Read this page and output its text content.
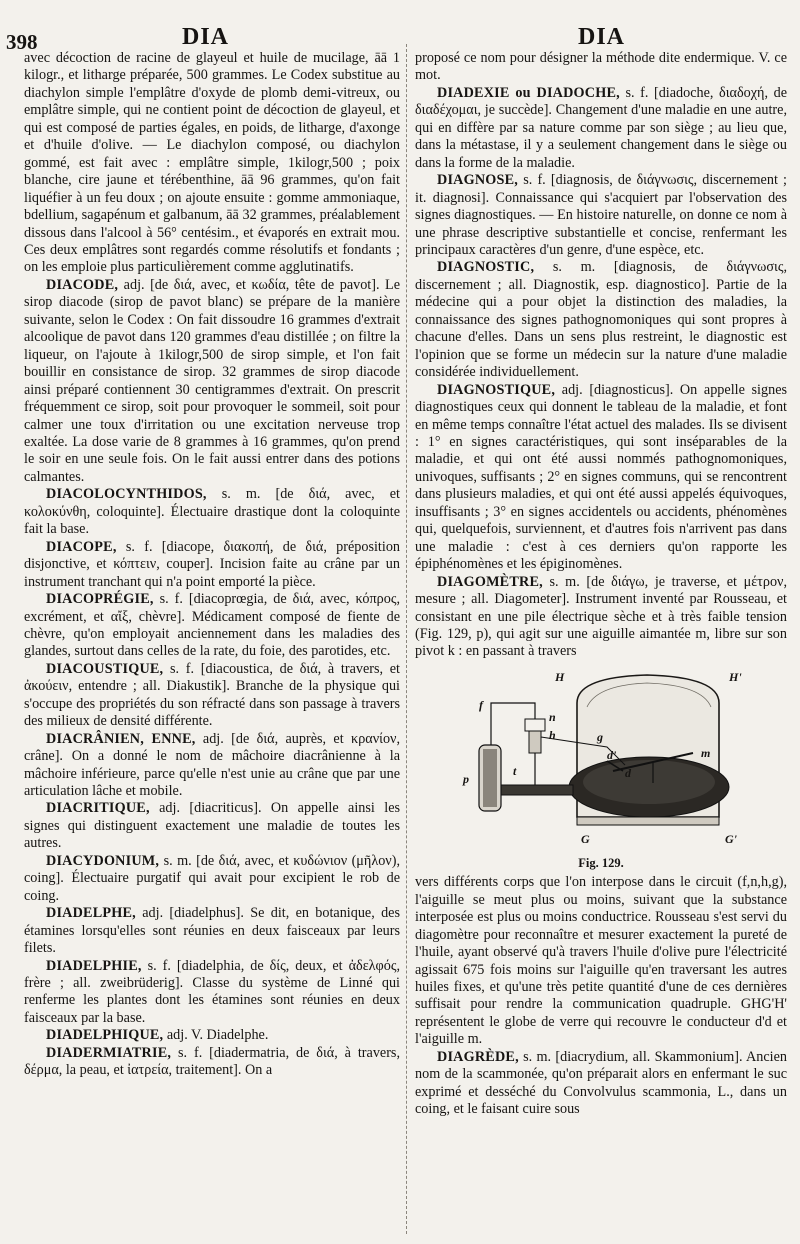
398	DIA	DIA

avec décoction de racine de glayeul et huile de mucilage, āā 1 kilogr., et litharge préparée, 500 grammes. Le Codex substitue au diachylon simple l'emplâtre d'oxyde de plomb demi-vitreux, ou emplâtre simple, qui ne contient point de décoction de glayeul, et qui est composé de parties égales, en poids, de litharge, d'axonge et d'huile d'olive. — Le diachylon composé, ou diachylon gommé, est fait avec : emplâtre simple, 1kilogr,500 ; poix blanche, cire jaune et térébenthine, āā 96 grammes, qu'on fait liquéfier à un feu doux ; on ajoute ensuite : gomme ammoniaque, bdellium, sagapénum et galbanum, āā 32 grammes, préalablement dissous dans l'alcool à 56° centésim., et évaporés en extrait mou. Ces deux emplâtres sont regardés comme résolutifs et fondants ; on les emploie plus particulièrement comme agglutinatifs.

DIACODE, adj. [de διά, avec, et κωδία, tête de pavot]. Le sirop diacode (sirop de pavot blanc) se prépare de la manière suivante, selon le Codex : On fait dissoudre 16 grammes d'extrait alcoolique de pavot dans 120 grammes d'eau distillée ; on filtre la liqueur, on l'ajoute à 1kilogr,500 de sirop simple, et l'on fait bouillir en consistance de sirop. 32 grammes de sirop diacode ainsi préparé contiennent 30 centigrammes d'extrait. On prescrit fréquemment ce sirop, soit pour provoquer le sommeil, soit pour calmer une toux d'irritation ou une excitation nerveuse trop exaltée. La dose varie de 8 grammes à 16 grammes, qu'on prend le soir en une seule fois. On le fait aussi entrer dans des potions calmantes.

DIACOLOCYNTHIDOS, s. m. [de διά, avec, et κολοκύνθη, coloquinte]. Électuaire drastique dont la coloquinte fait la base.

DIACOPE, s. f. [diacope, διακοπή, de διά, préposition disjonctive, et κόπτειν, couper]. Incision faite au crâne par un instrument tranchant qui n'a point emporté la pièce.

DIACOPRÉGIE, s. f. [diacoprœgia, de διά, avec, κόπρος, excrément, et αἴξ, chèvre]. Médicament composé de fiente de chèvre, qu'on employait anciennement dans les maladies des glandes, surtout dans celles de la rate, du foie, des parotides, etc.

DIACOUSTIQUE, s. f. [diacoustica, de διά, à travers, et ἀκούειν, entendre ; all. Diakustik]. Branche de la physique qui s'occupe des propriétés du son réfracté dans son passage à travers des milieux de densité différente.

DIACRÂNIEN, ENNE, adj. [de διά, auprès, et κρανίον, crâne]. On a donné le nom de mâchoire diacrânienne à la mâchoire inférieure, parce qu'elle n'est unie au crâne que par une articulation lâche et mobile.

DIACRITIQUE, adj. [diacriticus]. On appelle ainsi les signes qui distinguent exactement une maladie de toutes les autres.

DIACYDONIUM, s. m. [de διά, avec, et κυδώνιον (μῆλον), coing]. Électuaire purgatif qui avait pour excipient le rob de coing.

DIADELPHE, adj. [diadelphus]. Se dit, en botanique, des étamines lorsqu'elles sont réunies en deux faisceaux par leurs filets.

DIADELPHIE, s. f. [diadelphia, de δίς, deux, et ἀδελφός, frère ; all. zweibrüderig]. Classe du système de Linné qui renferme les plantes dont les étamines sont réunies en deux faisceaux par la base.

DIADELPHIQUE, adj. V. Diadelphe.

DIADERMIATRIE, s. f. [diadermatria, de διά, à travers, δέρμα, la peau, et ἰατρεία, traitement]. On a

proposé ce nom pour désigner la méthode dite endermique. V. ce mot.

DIADEXIE ou DIADOCHE, s. f. [diadoche, διαδοχή, de διαδέχομαι, je succède]. Changement d'une maladie en une autre, qui en diffère par sa nature comme par son siège ; au lieu que, dans la métastase, il y a seulement changement dans le siège ou dans la forme de la maladie.

DIAGNOSE, s. f. [diagnosis, de διάγνωσις, discernement ; it. diagnosi]. Connaissance qui s'acquiert par l'observation des signes diagnostiques. — En histoire naturelle, on donne ce nom à une phrase descriptive substantielle et concise, renfermant les principaux caractères d'un genre, d'une espèce, etc.

DIAGNOSTIC, s. m. [diagnosis, de διάγνωσις, discernement ; all. Diagnostik, esp. diagnostico]. Partie de la médecine qui a pour objet la distinction des maladies, la connaissance des signes pathognomoniques qui sont propres à chacune d'elles. Dans un sens plus restreint, le diagnostic est l'opinion que se forme un médecin sur la nature d'une maladie considérée individuellement.

DIAGNOSTIQUE, adj. [diagnosticus]. On appelle signes diagnostiques ceux qui donnent le tableau de la maladie, et font en même temps connaître l'état actuel des malades. Ils se divisent : 1° en signes caractéristiques, qui sont inséparables de la maladie, et qui ont été aussi nommés pathognomoniques, univoques, suffisants ; 2° en signes communs, qui se rencontrent dans plusieurs maladies, et qui ont été aussi appelés équivoques, insuffisants ; 3° en signes accidentels ou accidents, phénomènes qui, quelquefois, surviennent, et d'autres fois n'arrivent pas dans une maladie : c'est à ces derniers qu'on rapporte les épiphénomènes et les épiginomènes.

DIAGOMÈTRE, s. m. [de διάγω, je traverse, et μέτρον, mesure ; all. Diagometer]. Instrument inventé par Rousseau, et consistant en une pile électrique sèche et à très faible tension (Fig. 129, p), qui agit sur une aiguille aimantée m, libre sur son pivot k : en passant à travers

H	H'
f
n
h	g
d'
d
m
p
t
G	G'
Fig. 129.

vers différents corps que l'on interpose dans le circuit (f,n,h,g), l'aiguille se meut plus ou moins, suivant que la substance interposée est plus ou moins conductrice. Rousseau s'est servi du diagomètre pour reconnaître et mesurer exactement la pureté de l'huile, ayant observé qu'à travers l'huile d'olive pure l'électricité agissait 675 fois moins sur l'aiguille qu'en traversant les autres huiles fixes, et qu'une très petite quantité d'une de ces dernières suffisait pour rendre la communication quadruple. GHG'H' représentent le globe de verre qui recouvre le conducteur d'd et l'aiguille m.

DIAGRÈDE, s. m. [diacrydium, all. Skammonium]. Ancien nom de la scammonée, qu'on préparait alors en enfermant le suc exprimé et desséché du Convolvulus scammonia, L., dans un coing, et le faisant cuire sous
